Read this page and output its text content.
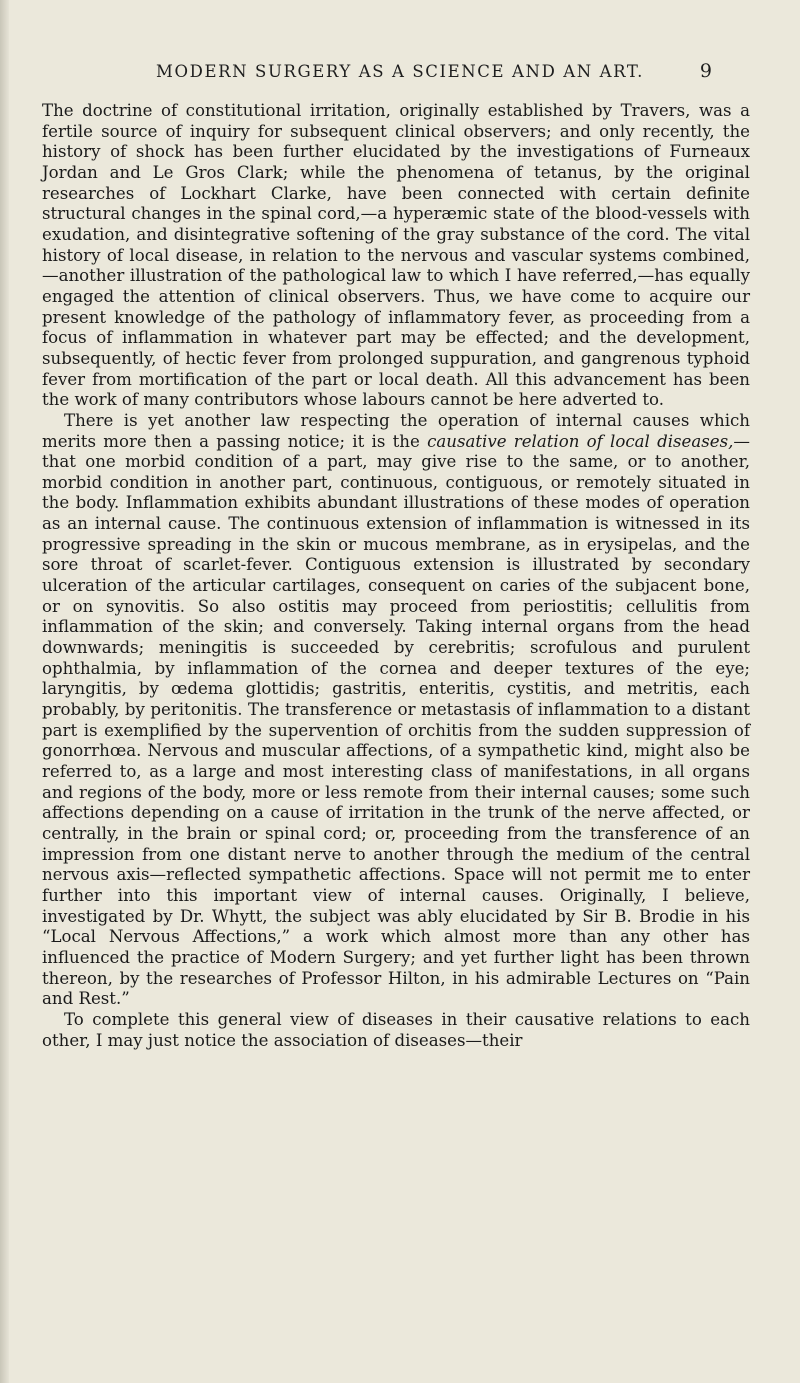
MODERN SURGERY AS A SCIENCE AND AN ART.	9

The doctrine of constitutional irritation, originally established by Travers, was a fertile source of inquiry for subsequent clinical observers; and only recently, the history of shock has been further elucidated by the investigations of Furneaux Jordan and Le Gros Clark; while the phenomena of tetanus, by the original researches of Lockhart Clarke, have been connected with certain definite structural changes in the spinal cord,—a hyperæmic state of the blood-vessels with exudation, and disintegrative softening of the gray substance of the cord. The vital history of local disease, in relation to the nervous and vascular systems combined,—another illustration of the pathological law to which I have referred,—has equally engaged the attention of clinical observers. Thus, we have come to acquire our present knowledge of the pathology of inflammatory fever, as proceeding from a focus of inflammation in whatever part may be effected; and the development, subsequently, of hectic fever from prolonged suppuration, and gangrenous typhoid fever from mortification of the part or local death. All this advancement has been the work of many contributors whose labours cannot be here adverted to.

There is yet another law respecting the operation of internal causes which merits more then a passing notice; it is the causative relation of local diseases,—that one morbid condition of a part, may give rise to the same, or to another, morbid condition in another part, continuous, contiguous, or remotely situated in the body. Inflammation exhibits abundant illustrations of these modes of operation as an internal cause. The continuous extension of inflammation is witnessed in its progressive spreading in the skin or mucous membrane, as in erysipelas, and the sore throat of scarlet-fever. Contiguous extension is illustrated by secondary ulceration of the articular cartilages, consequent on caries of the subjacent bone, or on synovitis. So also ostitis may proceed from periostitis; cellulitis from inflammation of the skin; and conversely. Taking internal organs from the head downwards; meningitis is succeeded by cerebritis; scrofulous and purulent ophthalmia, by inflammation of the cornea and deeper textures of the eye; laryngitis, by œdema glottidis; gastritis, enteritis, cystitis, and metritis, each probably, by peritonitis. The transference or metastasis of inflammation to a distant part is exemplified by the supervention of orchitis from the sudden suppression of gonorrhœa. Nervous and muscular affections, of a sympathetic kind, might also be referred to, as a large and most interesting class of manifestations, in all organs and regions of the body, more or less remote from their internal causes; some such affections depending on a cause of irritation in the trunk of the nerve affected, or centrally, in the brain or spinal cord; or, proceeding from the transference of an impression from one distant nerve to another through the medium of the central nervous axis—reflected sympathetic affections. Space will not permit me to enter further into this important view of internal causes. Originally, I believe, investigated by Dr. Whytt, the subject was ably elucidated by Sir B. Brodie in his “Local Nervous Affections,” a work which almost more than any other has influenced the practice of Modern Surgery; and yet further light has been thrown thereon, by the researches of Professor Hilton, in his admirable Lectures on “Pain and Rest.”

To complete this general view of diseases in their causative relations to each other, I may just notice the association of diseases—their
